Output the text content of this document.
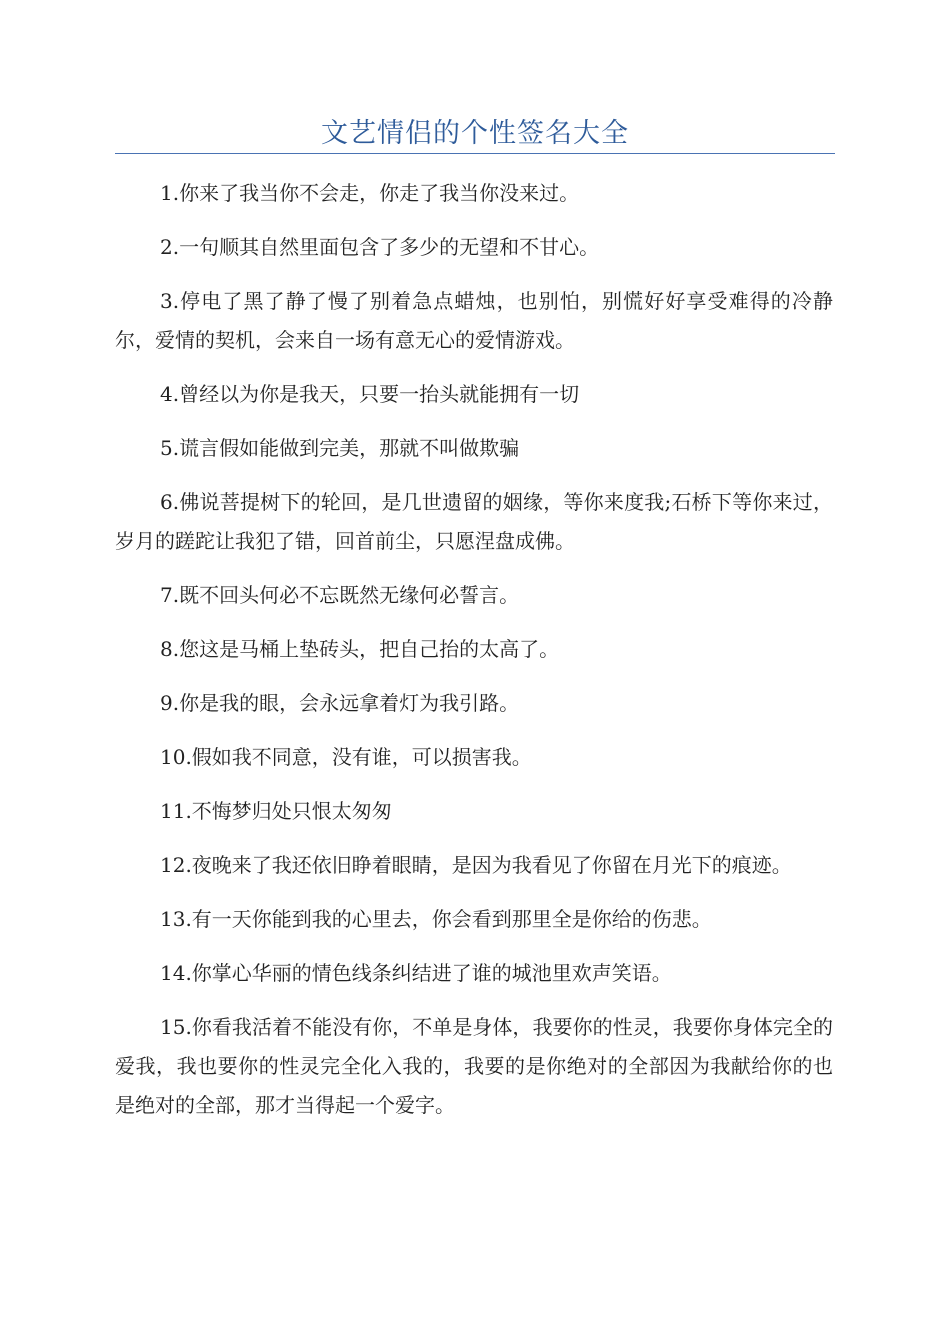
文艺情侣的个性签名大全

1.你来了我当你不会走，你走了我当你没来过。

2.一句顺其自然里面包含了多少的无望和不甘心。

3.停电了黑了静了慢了别着急点蜡烛，也别怕，别慌好好享受难得的冷静尔，爱情的契机，会来自一场有意无心的爱情游戏。

4.曾经以为你是我天，只要一抬头就能拥有一切

5.谎言假如能做到完美，那就不叫做欺骗

6.佛说菩提树下的轮回，是几世遗留的姻缘，等你来度我;石桥下等你来过，岁月的蹉跎让我犯了错，回首前尘，只愿涅盘成佛。

7.既不回头何必不忘既然无缘何必誓言。

8.您这是马桶上垫砖头，把自己抬的太高了。

9.你是我的眼，会永远拿着灯为我引路。

10.假如我不同意，没有谁，可以损害我。

11.不悔梦归处只恨太匆匆

12.夜晚来了我还依旧睁着眼睛，是因为我看见了你留在月光下的痕迹。

13.有一天你能到我的心里去，你会看到那里全是你给的伤悲。

14.你掌心华丽的情色线条纠结进了谁的城池里欢声笑语。

15.你看我活着不能没有你，不单是身体，我要你的性灵，我要你身体完全的爱我，我也要你的性灵完全化入我的，我要的是你绝对的全部因为我献给你的也是绝对的全部，那才当得起一个爱字。
